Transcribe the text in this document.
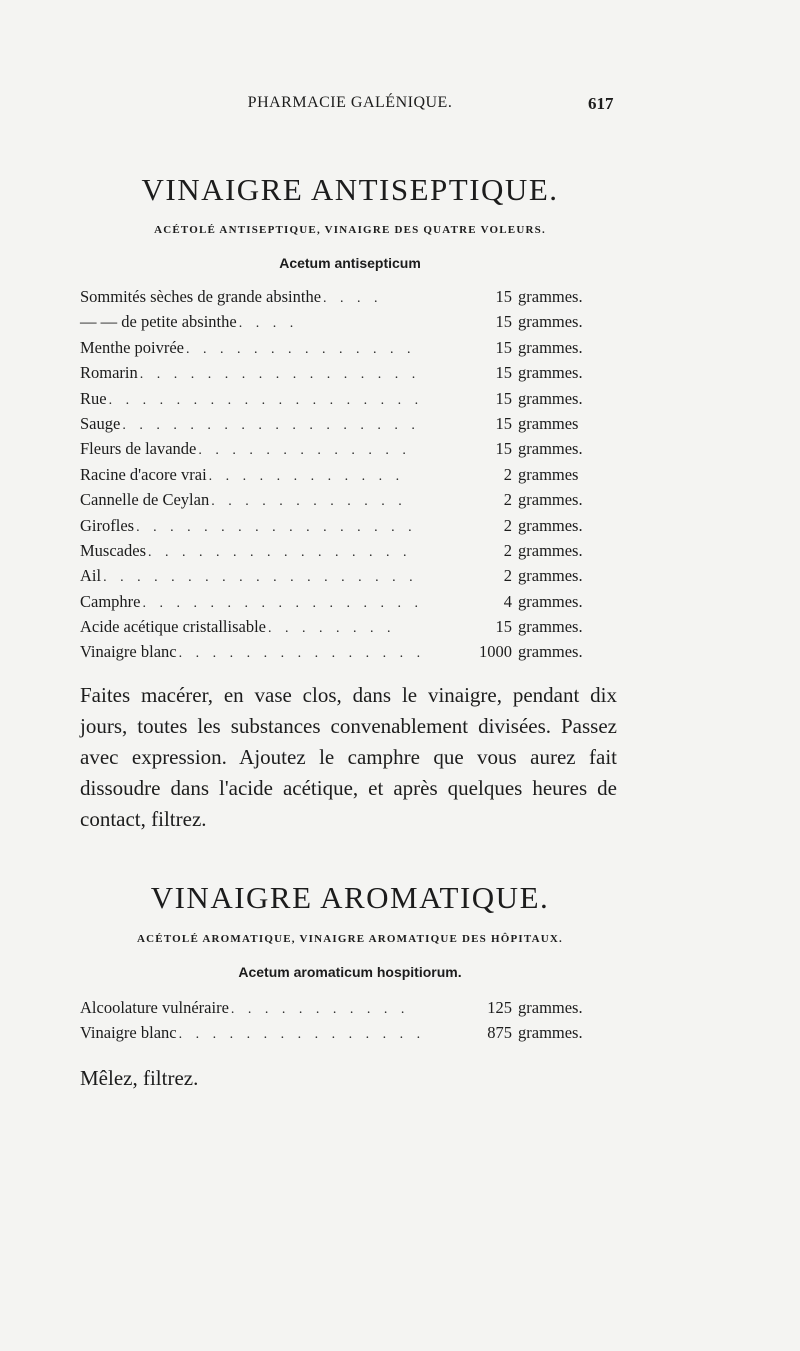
PHARMACIE GALÉNIQUE.	617
VINAIGRE ANTISEPTIQUE.
ACÉTOLÉ ANTISEPTIQUE, VINAIGRE DES QUATRE VOLEURS.
Acetum antisepticum
Sommités sèches de grande absinthe . . . .	15 grammes.
— — de petite absinthe . . . .	15 grammes.
Menthe poivrée . . . . . . . . . . . . . .	15 grammes.
Romarin . . . . . . . . . . . . . . . . .	15 grammes.
Rue . . . . . . . . . . . . . . . . . . .	15 grammes.
Sauge . . . . . . . . . . . . . . . . . .	15 grammes
Fleurs de lavande . . . . . . . . . . . . .	15 grammes.
Racine d'acore vrai . . . . . . . . . . . .	2 grammes
Cannelle de Ceylan . . . . . . . . . . . .	2 grammes.
Girofles . . . . . . . . . . . . . . . . .	2 grammes.
Muscades . . . . . . . . . . . . . . . .	2 grammes.
Ail . . . . . . . . . . . . . . . . . . .	2 grammes.
Camphre . . . . . . . . . . . . . . . . .	4 grammes.
Acide acétique cristallisable . . . . . . . .	15 grammes.
Vinaigre blanc . . . . . . . . . . . . . . .	1000 grammes.
Faites macérer, en vase clos, dans le vinaigre, pendant dix jours, toutes les substances convenablement divisées. Passez avec expression. Ajoutez le camphre que vous aurez fait dissoudre dans l'acide acétique, et après quelques heures de contact, filtrez.
VINAIGRE AROMATIQUE.
ACÉTOLÉ AROMATIQUE, VINAIGRE AROMATIQUE DES HÔPITAUX.
Acetum aromaticum hospitiorum.
Alcoolature vulnéraire . . . . . . . . . . .	125 grammes.
Vinaigre blanc . . . . . . . . . . . . . . .	875 grammes.
Mêlez, filtrez.
